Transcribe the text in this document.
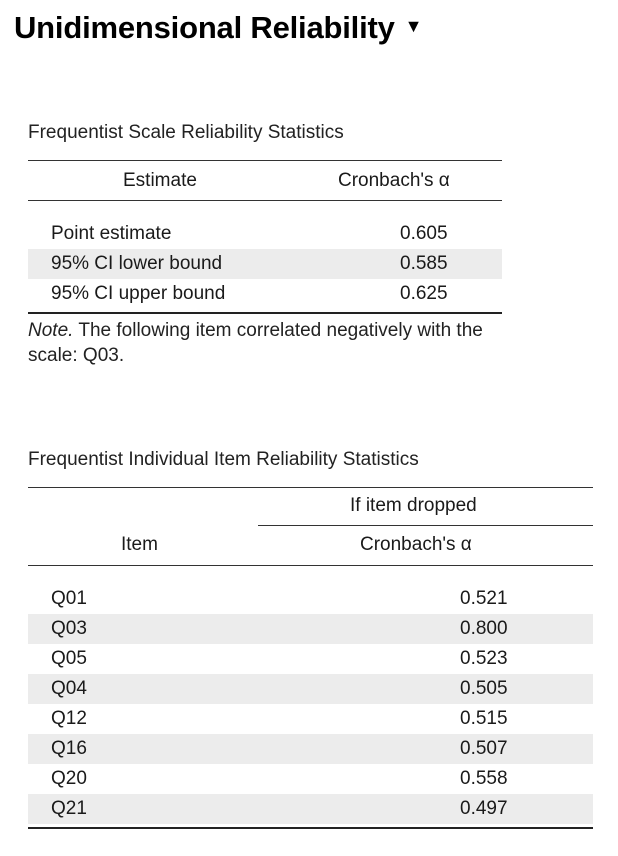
Unidimensional Reliability ▼
Frequentist Scale Reliability Statistics
Estimate	Cronbach's α
Point estimate	0.605
95% CI lower bound	0.585
95% CI upper bound	0.625
Note. The following item correlated negatively with the scale: Q03.
Frequentist Individual Item Reliability Statistics
If item dropped
Item	Cronbach's α
Q01	0.521
Q03	0.800
Q05	0.523
Q04	0.505
Q12	0.515
Q16	0.507
Q20	0.558
Q21	0.497
